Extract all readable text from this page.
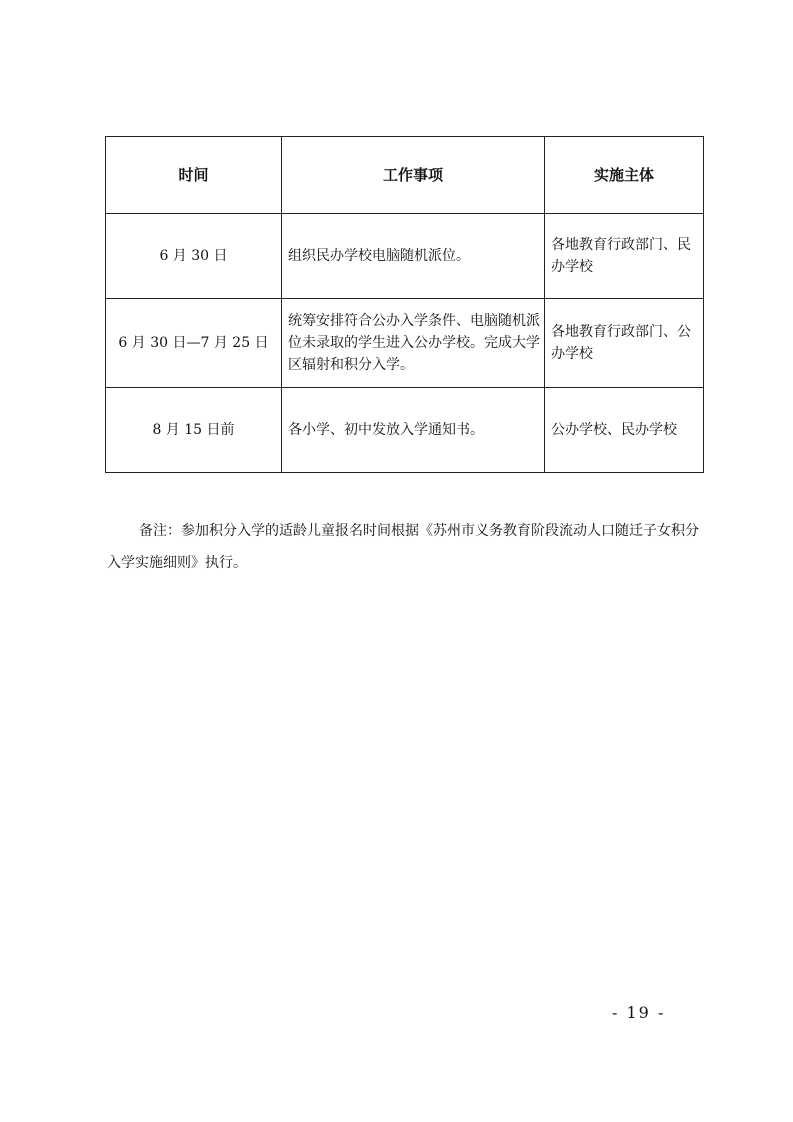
时间	工作事项	实施主体
6 月 30 日	组织民办学校电脑随机派位。	各地教育行政部门、民办学校
6 月 30 日—7 月 25 日	统筹安排符合公办入学条件、电脑随机派位未录取的学生进入公办学校。完成大学区辐射和积分入学。	各地教育行政部门、公办学校
8 月 15 日前	各小学、初中发放入学通知书。	公办学校、民办学校

备注：参加积分入学的适龄儿童报名时间根据《苏州市义务教育阶段流动人口随迁子女积分入学实施细则》执行。

- 19 -
